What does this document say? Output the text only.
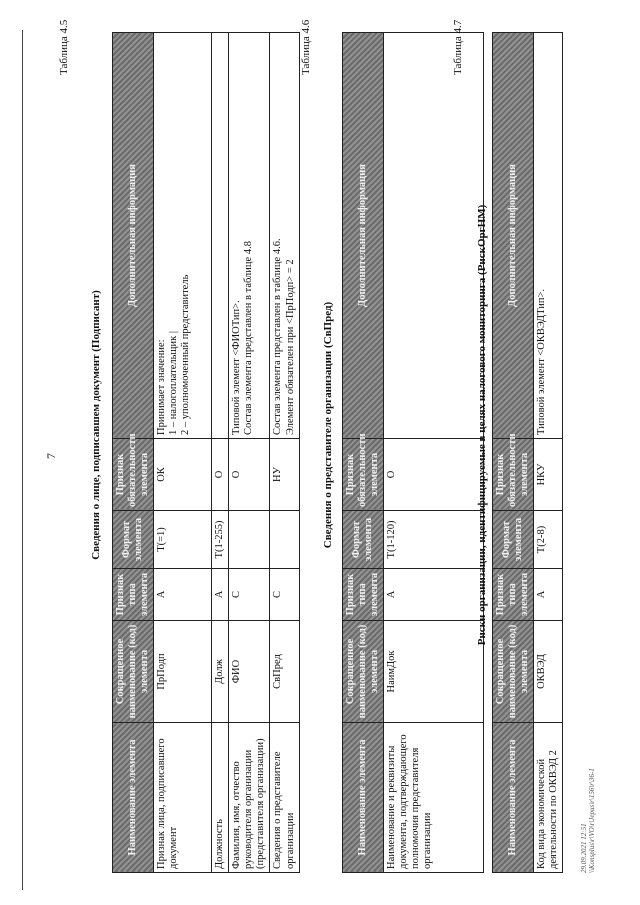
7
Таблица 4.5
Сведения о лице, подписавшем документ (Подписант)
Наименование элемента	Сокращенное наименование (код) элемента	Признак типа элемента	Формат элемента	Признак обязательности элемента	Дополнительная информация
Признак лица, подписавшего документ	ПрПодп	А	Т(=1)	ОК	Принимает значение:
1 – налогоплательщик |
2 – уполномоченный представитель
Должность	Долж	А	Т(1-255)	О	
Фамилия, имя, отчество руководителя организации (представителя организации)	ФИО	С		О	Типовой элемент <ФИОТип>.
Состав элемента представлен в таблице 4.8
Сведения о представителе организации	СвПред	С		НУ	Состав элемента представлен в таблице 4.6.
Элемент обязателен при <ПрПодп> = 2
Таблица 4.6
Сведения о представителе организации (СвПред)
Наименование элемента	Сокращенное наименование (код) элемента	Признак типа элемента	Формат элемента	Признак обязательности элемента	Дополнительная информация
Наименование и реквизиты документа, подтверждающего полномочия представителя организации	НаимДок	А	Т(1-120)	О	
Таблица 4.7
Риски организации, идентифицируемые в целях налогового мониторинга (РискОргНМ)
Наименование элемента	Сокращенное наименование (код) элемента	Признак типа элемента	Формат элемента	Признак обязательности элемента	Дополнительная информация
Код вида экономической деятельности по ОКВЭД 2	ОКВЭД	А	Т(2-8)	НКУ	Типовой элемент <ОКВЭДТип>.
29.09.2021 12:51 \\Konsplus\r\VO\r\Jepus\r\156\r\36-1
